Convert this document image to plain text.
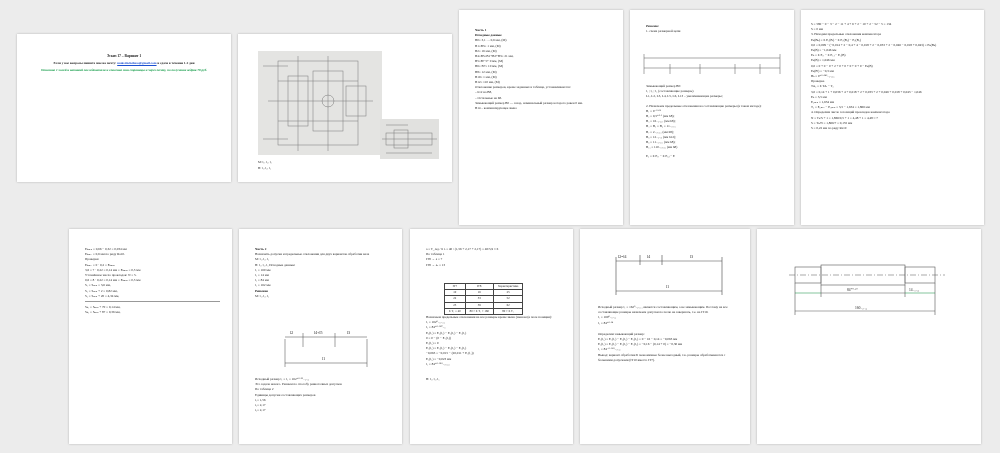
Эскиз 17 – Вариант 1
Если у вас вопросы пишите мне на почту: makstin.hehuss@gmail.com и сдаче в течение 1-2 дня
Описание 1 холей и катаний последователи и спасение мнн страницы и через почту, по получение ведряк 78 руб.
М: l₁, l₂, l₃
В: l₁, l₂, l₃
Часть 1
Исходные данные
В0= 3,1 … 0,6 мм, (М)
В1=В3= 1 мм, (М)
В2= 16 мм, (М)
В4=В5=В1+В2+В3= 21 мм,
В5=В7 5+ 0 мм, (М)
В6= В7= 10 мм, (М)
В8= 12 мм, (М)
В10= 1 мм, (М)
В12= 110 мм, (М)
Отклонение размеров, кроме заданных в таблице, устанавливаются:
– h12 на В8,
– Остальные на h8.
Замыкающий размер В0 — зазор, номинальный размер которого равен 0 мм.
В14 – компенсирующее звено
Решение
1. схема размерной цепи
Замыкающий размер В0:
l₁ ; l₂ ; l₃ (составляющие размеры)
L1, L2, L3, L4, L5, L6, L13 – увеличивающие размеры;
2. Назначаем предельные отклонения на составляющие размеры (в таком методе):
B₁ = 0⁻⁰·⁰⁶
B₂ = 0,5⁺⁰·¹ (мм h8);
B₃ = 16₋₀.₀₂₇ (мм h8);
B₄ = B₅ = B₆ = 11₋₀.₀₁
B₇ = 2₋₀.₀₁₂ (мм h8);
B₈ = 12₋₀.₁₈ (мм h12);
B₉ = 11₋₀.₀₁₁ (мм h8);
B₁₃ = 110₋₀.₀₅₄ (мм h8)
E₀ = Σ E₀ᵢ − Σ E₀ⱼ − E
S = 580 − 0 − 3 − 2 − 11 + 4 + 6 + 2 − 10 + 2 − 52 − 5 = 134
S = 0 мм
3. Находим предельные отклонения компенсатора
Eₖ(Bₖ) = Σ E₁(Bᵢ) − Σ E₂(Bⱼ) − E₀(B₀)
0,0 = 0,009 − (−0,014 + 2 − 0,4 + 4 − 0,018 + 2 − 0,033 + 2 − 0,046 − 0,018 + 0,043) = Eₖ(Bₖ)
Eₖ(B) = −1,046 мм
Eₖ = Σ E₂ᵢ − Σ E₁ⱼ − E₁(B)
Eₖ(B) = 1,046 мм
0,0 = 0 + 0 − 0 + 2 + 0 + 0 + 0 + 0 + 0 − Eₖ(B)
Eₖ(B′) = −0,3 мм
Bₖ = 0⁺⁰·⁰⁴³₋₀.₃₀₆
Проверка
TA₀ = Σ TAᵢ − T₀
3,0 = 0,14 + 1 + 0,036 + 4 + 0,018 + 2 + 0,033 + 2 + 0,046 + 0,018 + 0,043 − 1,046
Eₖ = 3,5 мм
E₀ₘᵢₙ = 1,634 мм
T₀ = E₀ₘₐₓ − E₀ₘᵢₙ = 3,5 − 1,634 = 1,866 мм
4. Определим число n позиций прокладок компенсатора
N = Tₖ/S + 1 = 1,866/0,5 + 1 = 4,48 + 1 = 4,48 ≈ 7
S = Tₖ/N = 1,866/7 = 0,155 мм
S = 0,22 мм по ряду Ra10
Eₖₘᵢₙ = 0,66 − 0,32 = 0,034 мм
Eₖₘₐₓ = 0,6 мм по ряду Ra10.
Проверка:
Eₖₘₐₓ = 0 · 0,2 = Eₖₘᵢₙ
3,6 = 7 · 0,22 = 0,14 мм = Eₖₘᵢₙ = 0,3 мм
Уточнённое число прокладок: N = 5.
0,6 = 8 · 0,22 = 0,14 мм = Eₖₘᵢₙ = 0,3 мм
S₁ = Sₘᵢₙ = 3,6 мм,
S₂ = Sₘᵢₙ + 2 = 0,82 мм,
S₃ = Sₘᵢₙ + 20 = 4,34 мм,
Sₖ₁ = Sₘᵢₙ + 70 = 0,14 мм,
Sₖ₂ = Sₘᵢₙ + 87 = 0,36 мм,
Часть 2
Назначить допуски и предельные отклонения для двух вариантов обработки вала
М: l₁, l₂, l₃
В: l₁, l₂, l₃ Исходные данные:
l₁ = 160 мм
l₂ = 14 мм
l₃ = 84 мм
l₄ = 162 мм
Решение
М: l₁, l₂, l₃
l2	l4+l5	l3
l1
Исходный размер l₁ = l₂ = 162⁺⁰·²⁰₋₀.₁₀
Это задача нового. Решаем по способу равноточных допусков
По таблице 2
Единицы допуски составляющих размеров
i₁= 1,56
i₂= 2,17
i₃= 2,17
a = T_Aд / Σ iᵢ = 40 / (1,56 + 2,17 + 2,17) = 40/5,9 ≈ 6
По таблице 1
IT8 → a = 7
IT8 → aₛ = 13
IT7	IT8	Характеристика
10	16	25
22	33	52
25	39	62
Σ T₁ = 40	80 > Σ T₁ > 160	80 > Σ T₁
Назначаем предельные отклонения на все размеры кроме звена (звеном (в поле позиции):
l₁ = 162⁰₋₀.₁₁₃
l₂ = 84⁺⁰·⁰⁸⁷₋₀
E₀(l₁) = E₂(l₂) − E₂(l₃) − E₁(l₄)
0 = 0 − (0 − E₁(l₄))
E₁(l₄) = 0
E₁(l₄) = E₁(l₁) − E₁(l₂) − E₂(l₃)
−0,063 = −0,015 − (20,011 + E₁(l₄))
E₂(l₄) = −0,023 мм
l₄ = 84⁺⁰·⁰¹⁰₋₀.₀₂₃
В: l₁, l₂, l₃
l2=l4	l4	l3
l1
Исходный размер l₁ = 162⁰₋₀.₁₁₃ является составляющим, а не замыкающим. Поэтому на все составляющие размеры назначаем допуски по полю не завершать, т.е. на IT10.
l₁ = 160⁰₋₀.₁₆
l₂ = 84⁺⁰·¹⁴
Определим замыкающий размер:
E₁(l₄) = E₁(l₁) − E₂(l₂) − E₂(l₃) = 0 − 16 − 0,14 = −0,063 мм
E₂(l₄) = E₂(l₁) − E₁(l₂) − E₁(l₃) = −0,16 − (0,14 + 0) = −0,30 мм
l₄ = 84⁻⁰·⁰⁶³₋₀.₃₀
Вывод: вариант обработки Б экономичнее более выгодный, т.к. размеры обрабатываются с большими допусками (IT10 вместо IT7).
84⁺⁰·²⁰	14₋₀.₂₀
160₋₀.₁₆
